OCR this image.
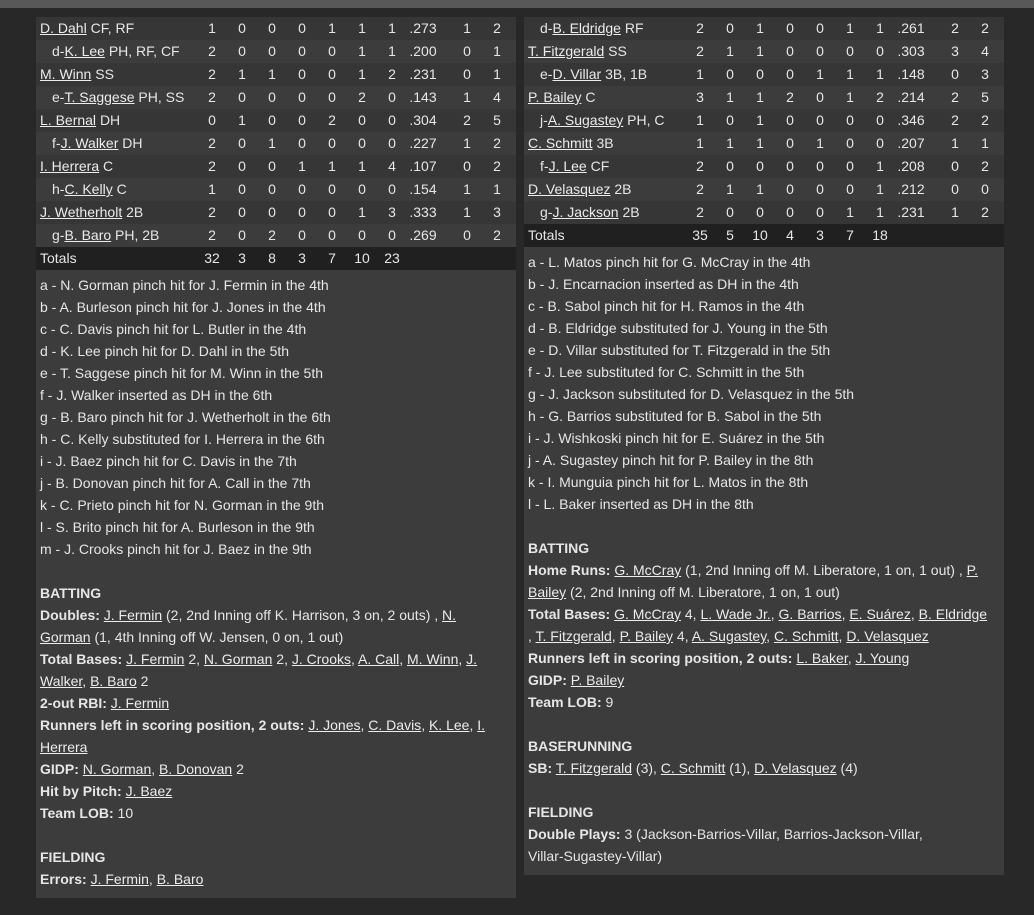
D. Dahl CF, RF	1	0	0	0	1	1	1 .273	1	2
d-K. Lee PH, RF, CF	2	0	0	0	0	1	1 .200	0	1
M. Winn SS	2	1	1	0	0	1	2 .231	0	1
e-T. Saggese PH, SS	2	0	0	0	0	2	0 .143	1	4
L. Bernal DH	0	1	0	0	2	0	0 .304	2	5
f-J. Walker DH	2	0	1	0	0	0	0 .227	1	2
I. Herrera C	2	0	0	1	1	1	4 .107	0	2
h-C. Kelly C	1	0	0	0	0	0	0 .154	1	1
J. Wetherholt 2B	2	0	0	0	0	1	3 .333	1	3
g-B. Baro PH, 2B	2	0	2	0	0	0	0 .269	0	2
Totals	32	3	8	3	7	10	23
a - N. Gorman pinch hit for J. Fermin in the 4th
b - A. Burleson pinch hit for J. Jones in the 4th
c - C. Davis pinch hit for L. Butler in the 4th
d - K. Lee pinch hit for D. Dahl in the 5th
e - T. Saggese pinch hit for M. Winn in the 5th
f - J. Walker inserted as DH in the 6th
g - B. Baro pinch hit for J. Wetherholt in the 6th
h - C. Kelly substituted for I. Herrera in the 6th
i - J. Baez pinch hit for C. Davis in the 7th
j - B. Donovan pinch hit for A. Call in the 7th
k - C. Prieto pinch hit for N. Gorman in the 9th
l - S. Brito pinch hit for A. Burleson in the 9th
m - J. Crooks pinch hit for J. Baez in the 9th
BATTING
Doubles: J. Fermin (2, 2nd Inning off K. Harrison, 3 on, 2 outs) , N.
Gorman (1, 4th Inning off W. Jensen, 0 on, 1 out)
Total Bases: J. Fermin 2, N. Gorman 2, J. Crooks, A. Call, M. Winn, J.
Walker, B. Baro 2
2-out RBI: J. Fermin
Runners left in scoring position, 2 outs: J. Jones, C. Davis, K. Lee, I.
Herrera
GIDP: N. Gorman, B. Donovan 2
Hit by Pitch: J. Baez
Team LOB: 10
FIELDING
Errors: J. Fermin, B. Baro
d-B. Eldridge RF	2	0	1	0	0	1	1 .261	2	2
T. Fitzgerald SS	2	1	1	0	0	0	0 .303	3	4
e-D. Villar 3B, 1B	1	0	0	0	1	1	1 .148	0	3
P. Bailey C	3	1	1	2	0	1	2 .214	2	5
j-A. Sugastey PH, C	1	0	1	0	0	0	0 .346	2	2
C. Schmitt 3B	1	1	1	0	1	0	0 .207	1	1
f-J. Lee CF	2	0	0	0	0	0	1 .208	0	2
D. Velasquez 2B	2	1	1	0	0	0	1 .212	0	0
g-J. Jackson 2B	2	0	0	0	0	1	1 .231	1	2
Totals	35	5	10	4	3	7	18
a - L. Matos pinch hit for G. McCray in the 4th
b - J. Encarnacion inserted as DH in the 4th
c - B. Sabol pinch hit for H. Ramos in the 4th
d - B. Eldridge substituted for J. Young in the 5th
e - D. Villar substituted for T. Fitzgerald in the 5th
f - J. Lee substituted for C. Schmitt in the 5th
g - J. Jackson substituted for D. Velasquez in the 5th
h - G. Barrios substituted for B. Sabol in the 5th
i - J. Wishkoski pinch hit for E. Suárez in the 5th
j - A. Sugastey pinch hit for P. Bailey in the 8th
k - I. Munguia pinch hit for L. Matos in the 8th
l - L. Baker inserted as DH in the 8th
BATTING
Home Runs: G. McCray (1, 2nd Inning off M. Liberatore, 1 on, 1 out) , P.
Bailey (2, 2nd Inning off M. Liberatore, 1 on, 1 out)
Total Bases: G. McCray 4, L. Wade Jr., G. Barrios, E. Suárez, B. Eldridge
, T. Fitzgerald, P. Bailey 4, A. Sugastey, C. Schmitt, D. Velasquez
Runners left in scoring position, 2 outs: L. Baker, J. Young
GIDP: P. Bailey
Team LOB: 9
BASERUNNING
SB: T. Fitzgerald (3), C. Schmitt (1), D. Velasquez (4)
FIELDING
Double Plays: 3 (Jackson-Barrios-Villar, Barrios-Jackson-Villar,
Villar-Sugastey-Villar)
